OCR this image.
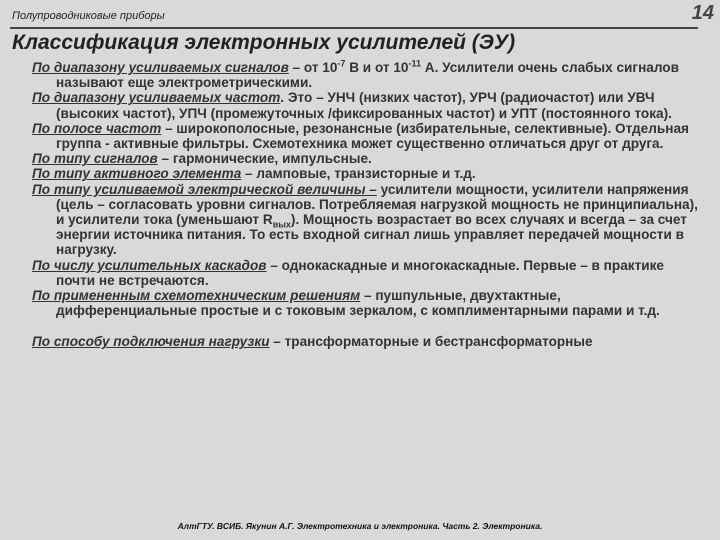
Полупроводниковые приборы	14
Классификация электронных усилителей (ЭУ)

По диапазону усиливаемых сигналов – от $10^{-7}$ В и от $10^{-11}$ А. Усилители очень слабых сигналов называют еще электрометрическими.

По диапазону усиливаемых частот. Это – УНЧ (низких частот), УРЧ (радиочастот) или УВЧ (высоких частот), УПЧ (промежуточных /фиксированных частот) и УПТ (постоянного тока).

По полосе частот – широкополосные, резонансные (избирательные, селективные). Отдельная группа - активные фильтры. Схемотехника может существенно отличаться друг от друга.

По типу сигналов – гармонические, импульсные.

По типу активного элемента – ламповые, транзисторные и т.д.

По типу усиливаемой электрической величины – усилители мощности, усилители напряжения (цель – согласовать уровни сигналов. Потребляемая нагрузкой мощность не принципиальна), и усилители тока (уменьшают $R_{вых}$). Мощность возрастает во всех случаях и всегда – за счет энергии источника питания. То есть входной сигнал лишь управляет передачей мощности в нагрузку.

По числу усилительных каскадов – однокаскадные и многокаскадные. Первые – в практике почти не встречаются.

По примененным схемотехническим решениям – пушпульные, двухтактные, дифференциальные простые и с токовым зеркалом, с комплиментарными парами и т.д.

По способу подключения нагрузки – трансформаторные и бестрансформаторные

АлтГТУ. ВСИБ. Якунин А.Г. Электротехника и электроника. Часть 2. Электроника.
